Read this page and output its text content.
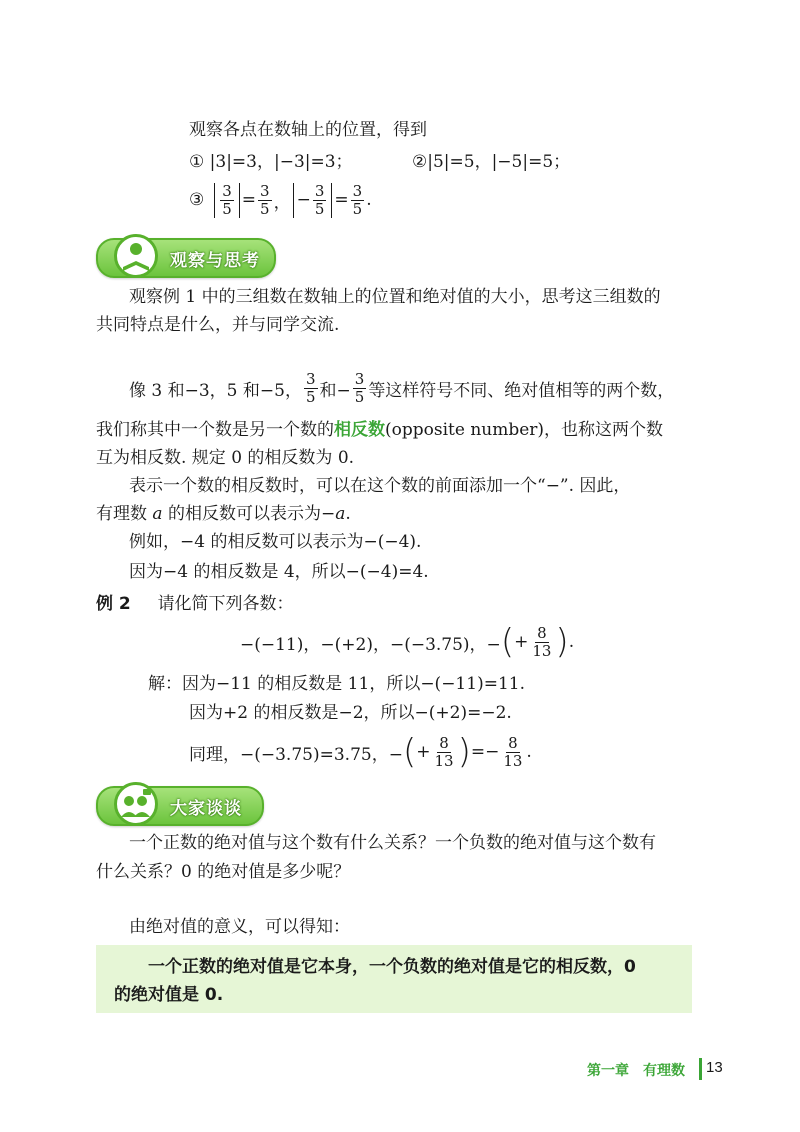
观察各点在数轴上的位置，得到
① |3|=3，|−3|=3；	②|5|=5，|−5|=5；
③ $\frac{3}{5} = \frac{3}{5}$ ， − $\frac{3}{5} = \frac{3}{5}$ .
观察与思考
观察例 1 中的三组数在数轴上的位置和绝对值的大小，思考这三组数的
共同特点是什么，并与同学交流.
像 3 和−3，5 和−5， $\frac{3}{5}$ 和− $\frac{3}{5}$ 等这样符号不同、绝对值相等的两个数，
我们称其中一个数是另一个数的相反数(opposite number)，也称这两个数
互为相反数. 规定 0 的相反数为 0.
表示一个数的相反数时，可以在这个数的前面添加一个“−”. 因此，
有理数 a 的相反数可以表示为−a.
例如，−4 的相反数可以表示为−(−4).
因为−4 的相反数是 4，所以−(−4)=4.
例 2 请化简下列各数：
−(−11)，−(+2)，−(−3.75)，− ( + $\frac{8}{13}$ ) .
解：因为−11 的相反数是 11，所以−(−11)=11.
因为+2 的相反数是−2，所以−(+2)=−2.
同理，−(−3.75)=3.75，− ( + $\frac{8}{13}$ ) =− $\frac{8}{13}$ .
大家谈谈
一个正数的绝对值与这个数有什么关系？一个负数的绝对值与这个数有
什么关系？0 的绝对值是多少呢？
由绝对值的意义，可以得知：
一个正数的绝对值是它本身，一个负数的绝对值是它的相反数，0
的绝对值是 0.
第一章　有理数 13
